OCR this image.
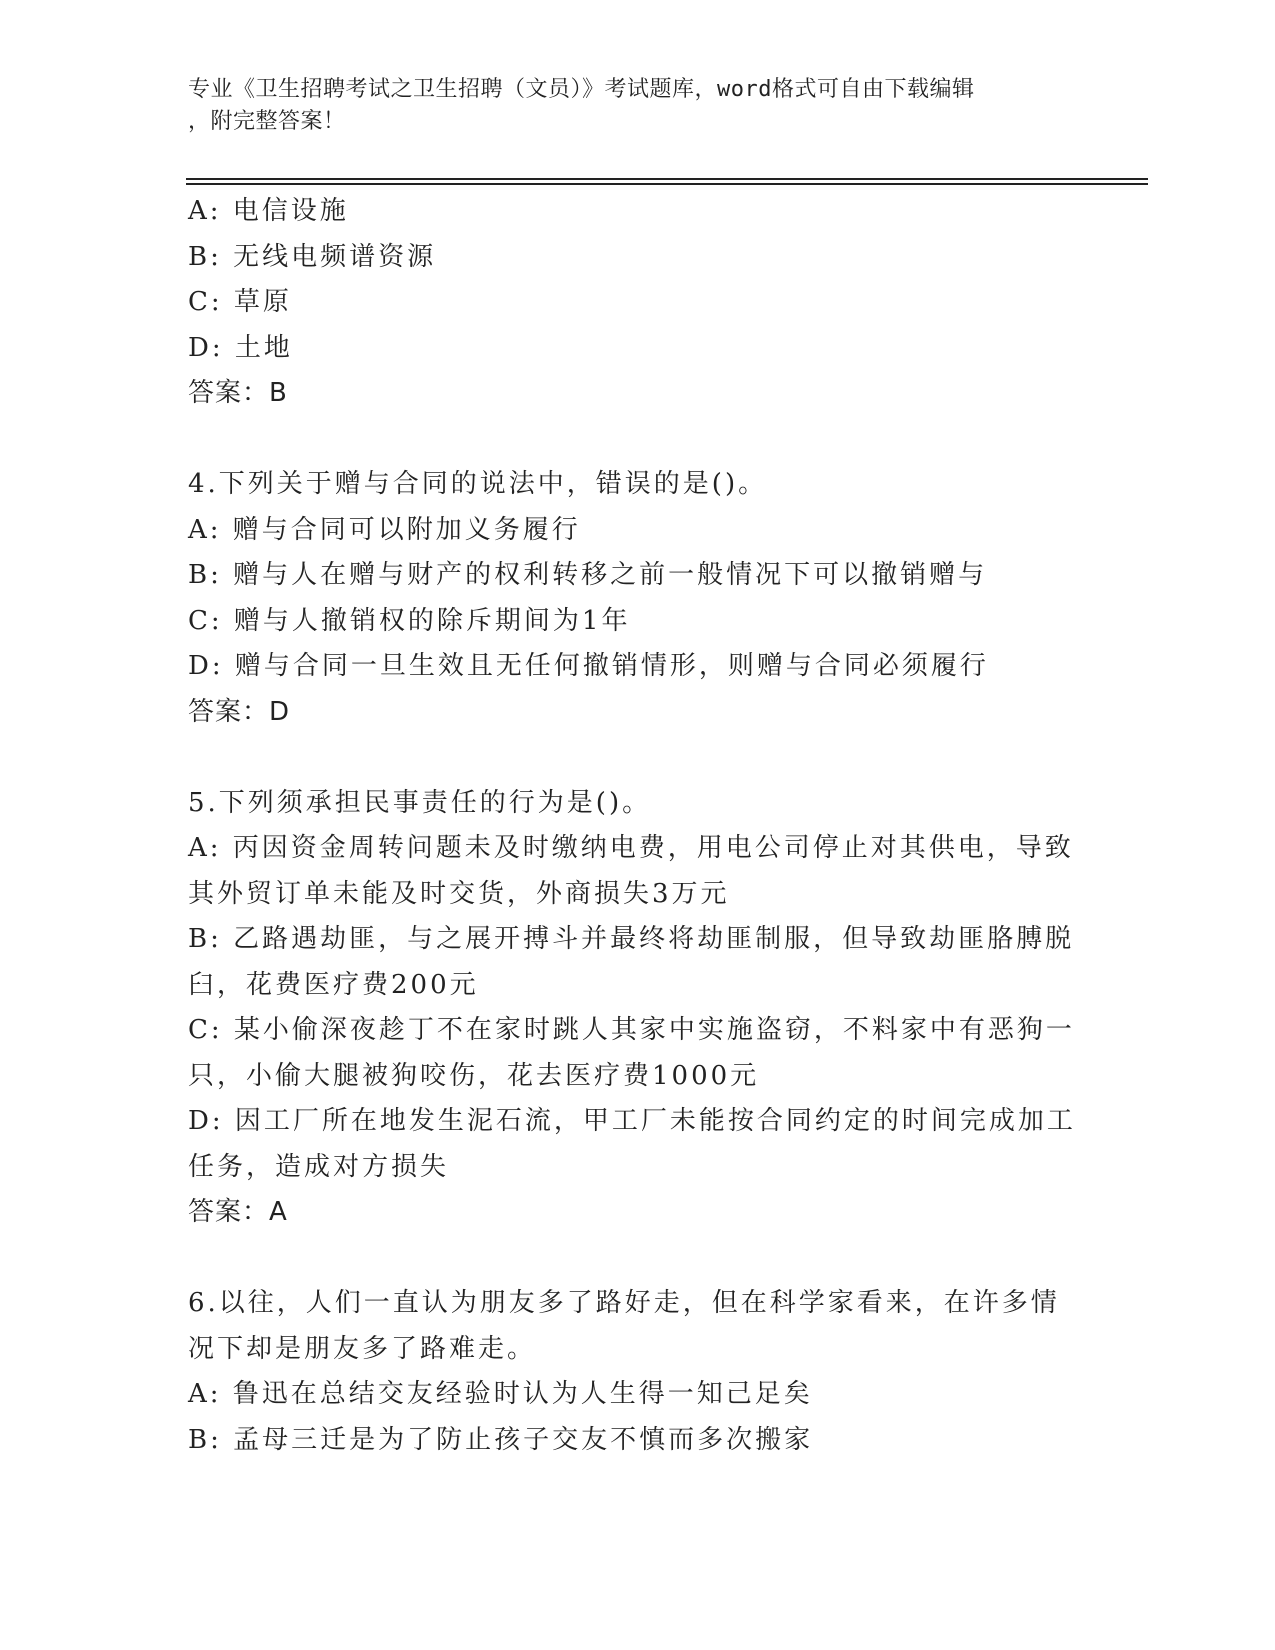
专业《卫生招聘考试之卫生招聘（文员）》考试题库，word格式可自由下载编辑
，附完整答案！
A: 电信设施
B: 无线电频谱资源
C: 草原
D: 土地
答案：B
4.下列关于赠与合同的说法中，错误的是()。
A: 赠与合同可以附加义务履行
B: 赠与人在赠与财产的权利转移之前一般情况下可以撤销赠与
C: 赠与人撤销权的除斥期间为1年
D: 赠与合同一旦生效且无任何撤销情形，则赠与合同必须履行
答案：D
5.下列须承担民事责任的行为是()。
A: 丙因资金周转问题未及时缴纳电费，用电公司停止对其供电，导致
其外贸订单未能及时交货，外商损失3万元
B: 乙路遇劫匪，与之展开搏斗并最终将劫匪制服，但导致劫匪胳膊脱
臼，花费医疗费200元
C: 某小偷深夜趁丁不在家时跳人其家中实施盗窃，不料家中有恶狗一
只，小偷大腿被狗咬伤，花去医疗费1000元
D: 因工厂所在地发生泥石流，甲工厂未能按合同约定的时间完成加工
任务，造成对方损失
答案：A
6.以往，人们一直认为朋友多了路好走，但在科学家看来，在许多情
况下却是朋友多了路难走。
A: 鲁迅在总结交友经验时认为人生得一知己足矣
B: 孟母三迁是为了防止孩子交友不慎而多次搬家
